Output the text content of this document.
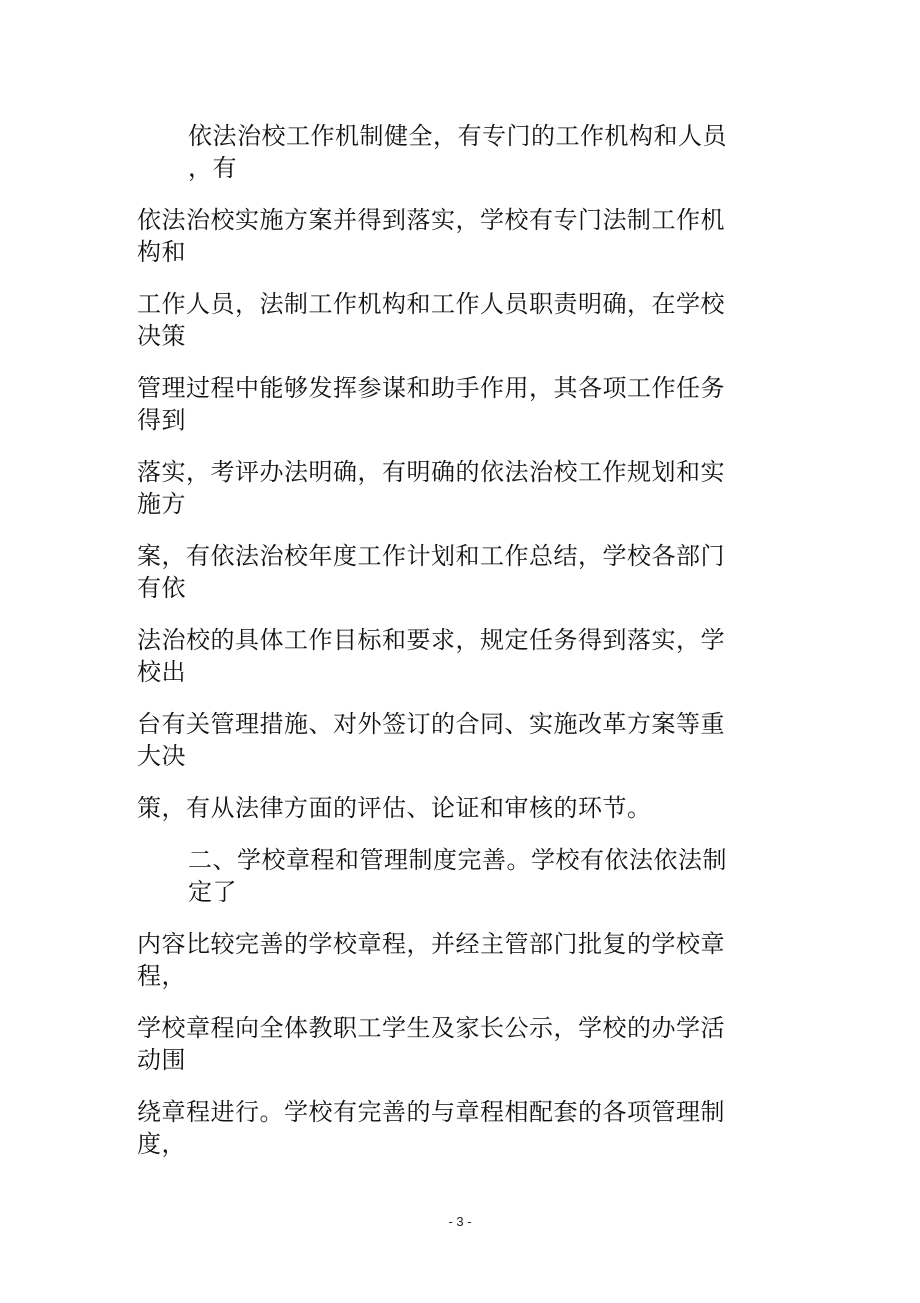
依法治校工作机制健全，有专门的工作机构和人员
，有

依法治校实施方案并得到落实，学校有专门法制工作机
构和

工作人员，法制工作机构和工作人员职责明确，在学校
决策

管理过程中能够发挥参谋和助手作用，其各项工作任务
得到

落实，考评办法明确，有明确的依法治校工作规划和实
施方

案，有依法治校年度工作计划和工作总结，学校各部门
有依

法治校的具体工作目标和要求，规定任务得到落实，学
校出

台有关管理措施、对外签订的合同、实施改革方案等重
大决

策，有从法律方面的评估、论证和审核的环节。

二、学校章程和管理制度完善。学校有依法依法制
定了

内容比较完善的学校章程，并经主管部门批复的学校章
程，

学校章程向全体教职工学生及家长公示，学校的办学活
动围

绕章程进行。学校有完善的与章程相配套的各项管理制
度，

- 3 -
